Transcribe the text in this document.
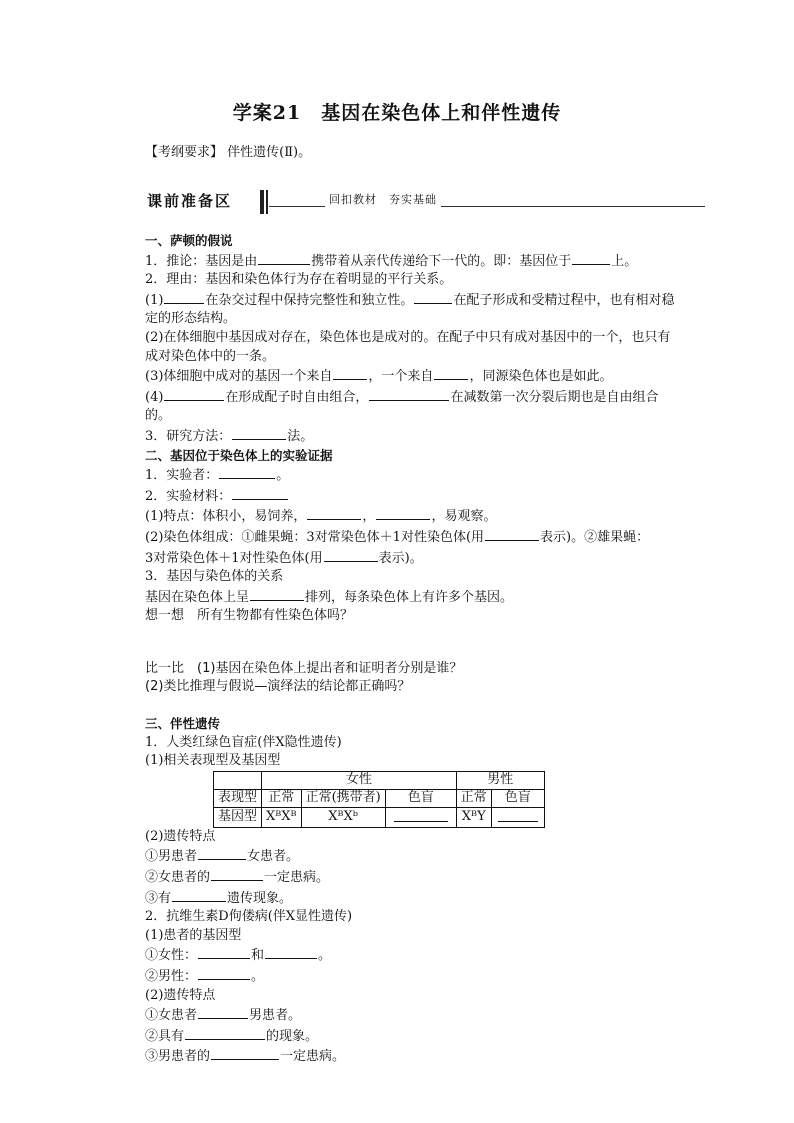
学案21　基因在染色体上和伴性遗传
【考纲要求】 伴性遗传(Ⅱ)。
课前准备区	回扣教材　夯实基础
一、萨顿的假说
1．推论：基因是由	携带着从亲代传递给下一代的。即：基因位于	上。
2．理由：基因和染色体行为存在着明显的平行关系。
(1)	在杂交过程中保持完整性和独立性。	在配子形成和受精过程中，也有相对稳定的形态结构。
(2)在体细胞中基因成对存在，染色体也是成对的。在配子中只有成对基因中的一个，也只有成对染色体中的一条。
(3)体细胞中成对的基因一个来自	，一个来自	，同源染色体也是如此。
(4)	在形成配子时自由组合，	在减数第一次分裂后期也是自由组合的。
3．研究方法：	法。
二、基因位于染色体上的实验证据
1．实验者：	。
2．实验材料：
(1)特点：体积小，易饲养，	，	，易观察。
(2)染色体组成：①雌果蝇：3对常染色体＋1对性染色体(用	表示)。②雄果蝇：
3对常染色体＋1对性染色体(用	表示)。
3．基因与染色体的关系
基因在染色体上呈	排列，每条染色体上有许多个基因。
想一想　所有生物都有性染色体吗？
比一比　(1)基因在染色体上提出者和证明者分别是谁？
(2)类比推理与假说—演绎法的结论都正确吗？
三、伴性遗传
1．人类红绿色盲症(伴X隐性遗传)
(1)相关表现型及基因型
	女性			男性	
表现型	正常	正常(携带者)	色盲	正常	色盲
基因型	XᴮXᴮ	XᴮXᵇ		XᴮY	
(2)遗传特点
①男患者	女患者。
②女患者的	一定患病。
③有	遗传现象。
2．抗维生素D佝偻病(伴X显性遗传)
(1)患者的基因型
①女性：	和	。
②男性：	。
(2)遗传特点
①女患者	男患者。
②具有	的现象。
③男患者的	一定患病。
